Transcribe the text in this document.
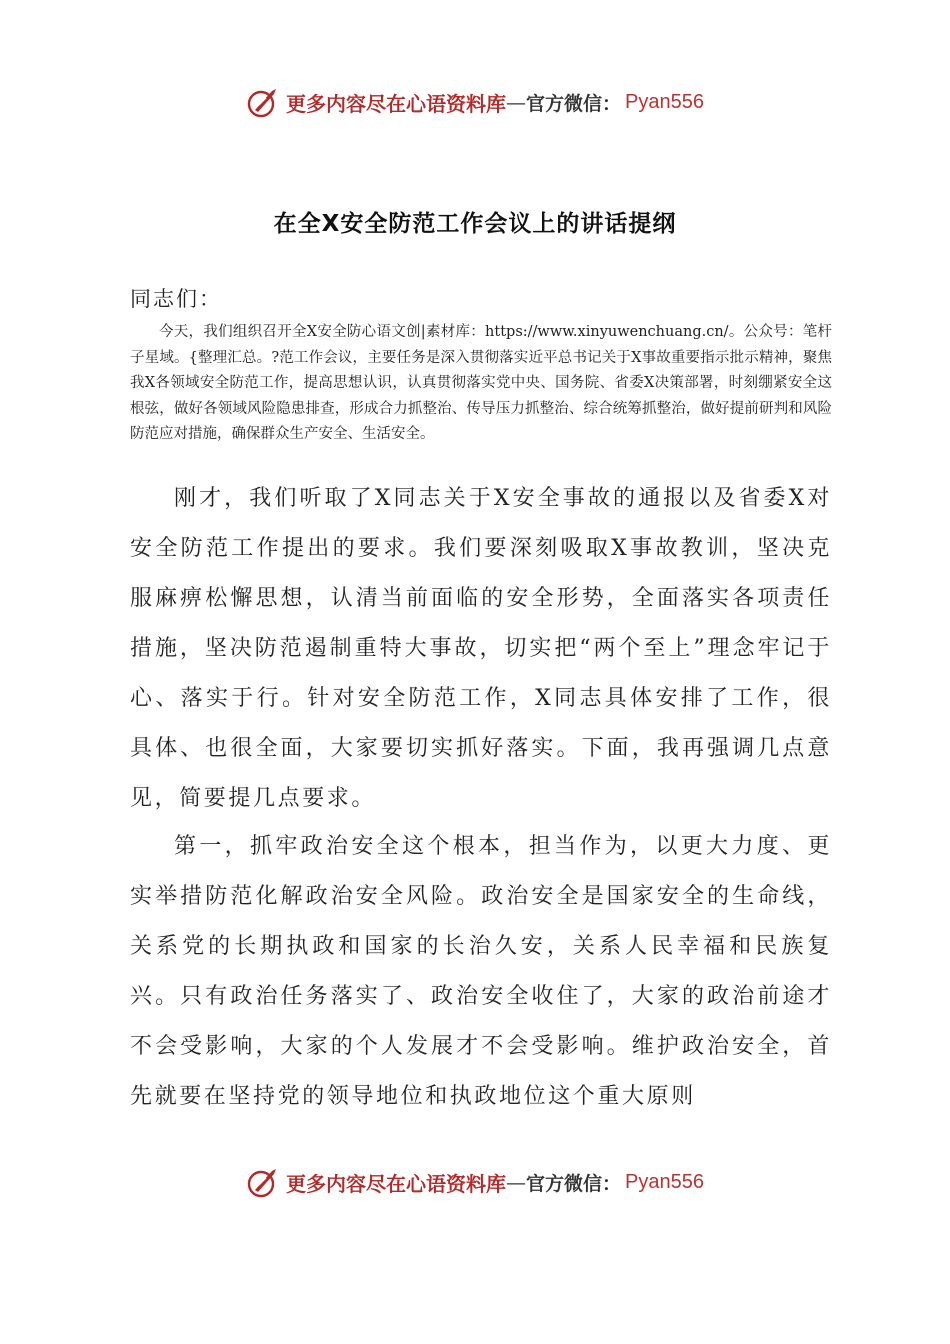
更多内容尽在心语资料库 — 官方微信： Pyan556
在全X安全防范工作会议上的讲话提纲
同志们：
今天，我们组织召开全X安全防心语文创|素材库：https://www.xinyuwenchuang.cn/。公众号：笔杆子星域。{整理汇总。?范工作会议，主要任务是深入贯彻落实近平总书记关于X事故重要指示批示精神，聚焦我X各领域安全防范工作，提高思想认识，认真贯彻落实党中央、国务院、省委X决策部署，时刻绷紧安全这根弦，做好各领域风险隐患排查，形成合力抓整治、传导压力抓整治、综合统筹抓整治，做好提前研判和风险防范应对措施，确保群众生产安全、生活安全。
刚才，我们听取了X同志关于X安全事故的通报以及省委X对安全防范工作提出的要求。我们要深刻吸取X事故教训，坚决克服麻痹松懈思想，认清当前面临的安全形势，全面落实各项责任措施，坚决防范遏制重特大事故，切实把“两个至上”理念牢记于心、落实于行。针对安全防范工作，X同志具体安排了工作，很具体、也很全面，大家要切实抓好落实。下面，我再强调几点意见，简要提几点要求。
第一，抓牢政治安全这个根本，担当作为，以更大力度、更实举措防范化解政治安全风险。政治安全是国家安全的生命线，关系党的长期执政和国家的长治久安，关系人民幸福和民族复兴。只有政治任务落实了、政治安全收住了，大家的政治前途才不会受影响，大家的个人发展才不会受影响。维护政治安全，首先就要在坚持党的领导地位和执政地位这个重大原则
更多内容尽在心语资料库 — 官方微信： Pyan556
